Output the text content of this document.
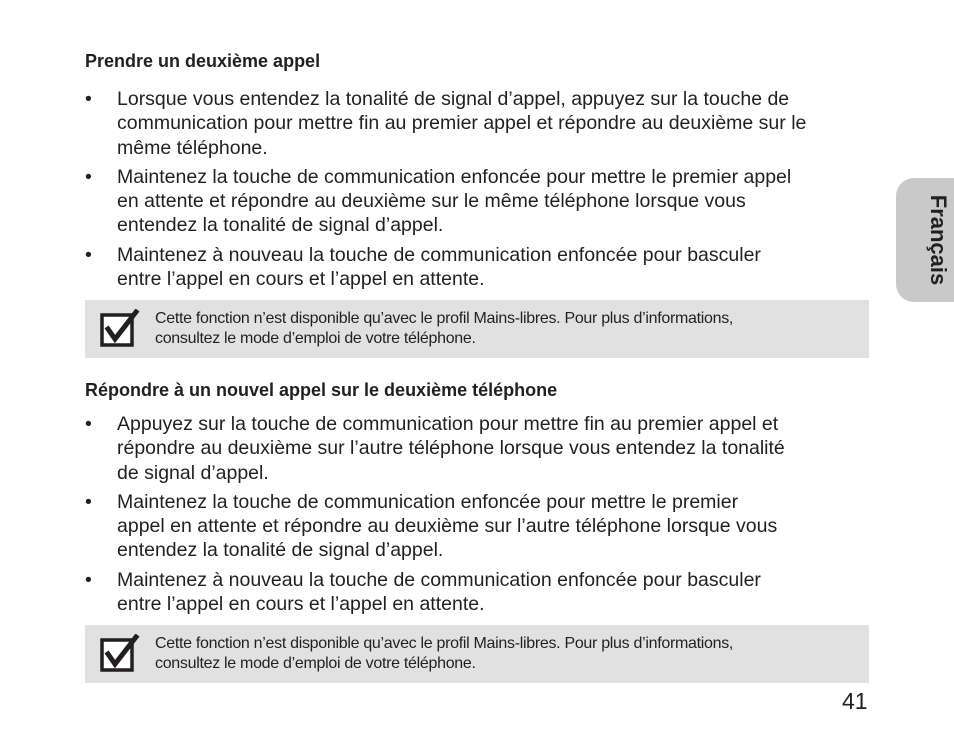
Prendre un deuxième appel
• Lorsque vous entendez la tonalité de signal d’appel, appuyez sur la touche de
communication pour mettre fin au premier appel et répondre au deuxième sur le
même téléphone.
• Maintenez la touche de communication enfoncée pour mettre le premier appel
en attente et répondre au deuxième sur le même téléphone lorsque vous
entendez la tonalité de signal d’appel.
• Maintenez à nouveau la touche de communication enfoncée pour basculer
entre l’appel en cours et l’appel en attente.
Cette fonction n’est disponible qu’avec le profil Mains-libres. Pour plus d’informations,
consultez le mode d’emploi de votre téléphone.
Répondre à un nouvel appel sur le deuxième téléphone
• Appuyez sur la touche de communication pour mettre fin au premier appel et
répondre au deuxième sur l’autre téléphone lorsque vous entendez la tonalité
de signal d’appel.
• Maintenez la touche de communication enfoncée pour mettre le premier
appel en attente et répondre au deuxième sur l’autre téléphone lorsque vous
entendez la tonalité de signal d’appel.
• Maintenez à nouveau la touche de communication enfoncée pour basculer
entre l’appel en cours et l’appel en attente.
Cette fonction n’est disponible qu’avec le profil Mains-libres. Pour plus d’informations,
consultez le mode d’emploi de votre téléphone.
Français
41
